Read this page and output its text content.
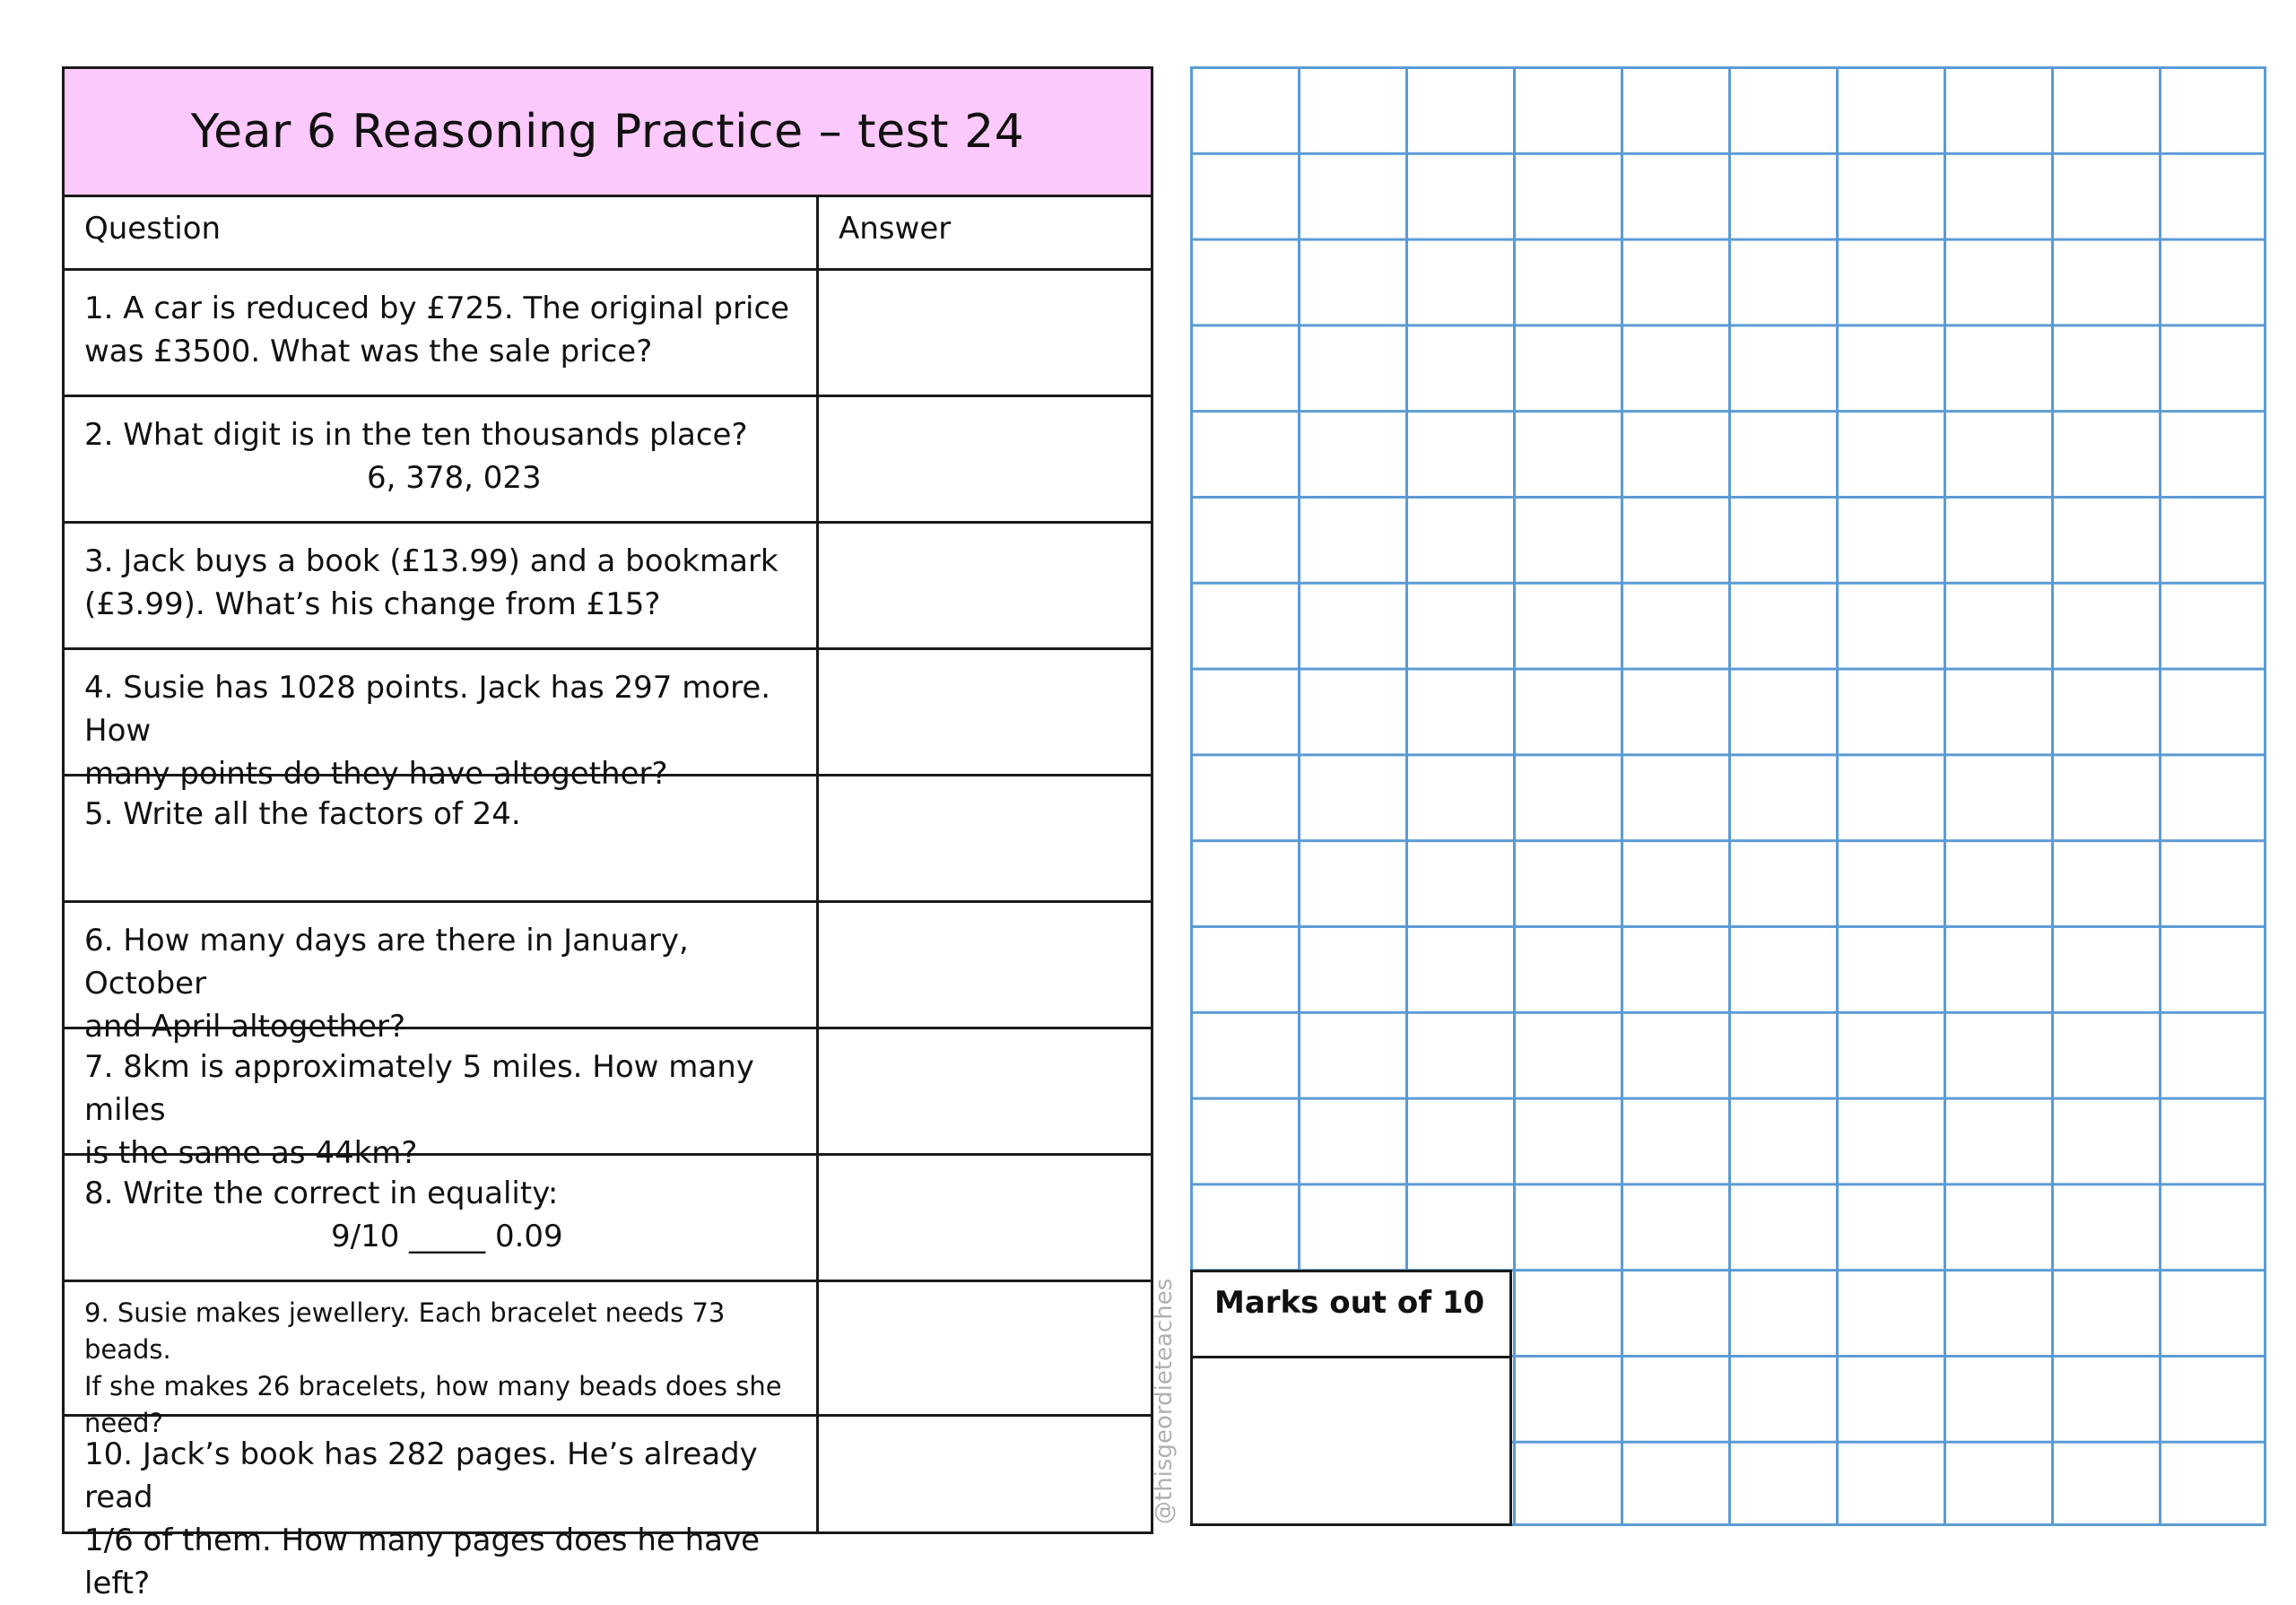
Year 6 Reasoning Practice – test 24
Question	Answer
1. A car is reduced by £725. The original price
was £3500. What was the sale price?
2. What digit is in the ten thousands place?
6, 378, 023
3. Jack buys a book (£13.99) and a bookmark
(£3.99). What’s his change from £15?
4. Susie has 1028 points. Jack has 297 more. How
many points do they have altogether?
5. Write all the factors of 24.
6. How many days are there in January, October
and April altogether?
7. 8km is approximately 5 miles. How many miles
is the same as 44km?
8. Write the correct in equality:
9/10 _____ 0.09
9. Susie makes jewellery. Each bracelet needs 73 beads.
If she makes 26 bracelets, how many beads does she
need?
10. Jack’s book has 282 pages. He’s already read
1/6 of them. How many pages does he have left?
@thisgeordieteaches	Marks out of 10
